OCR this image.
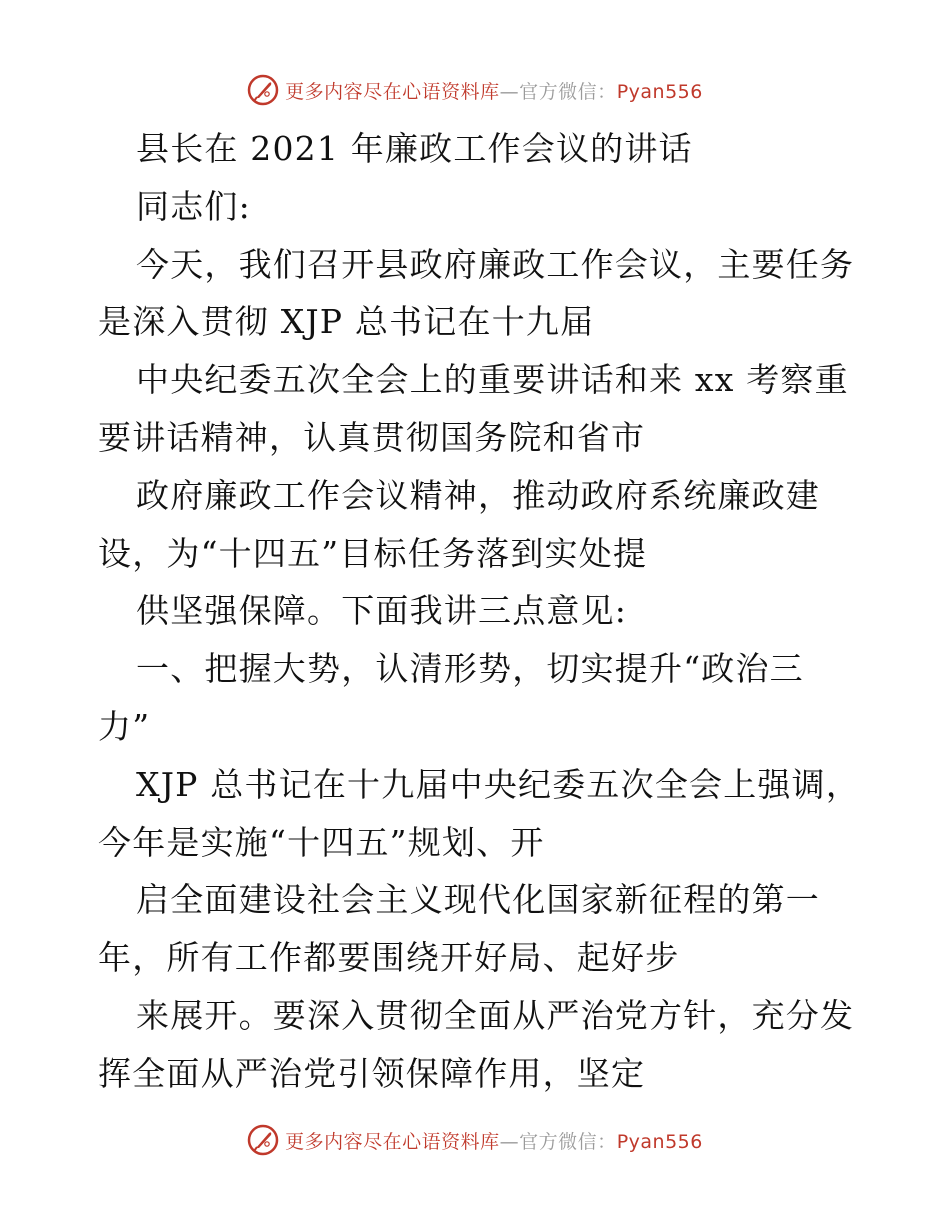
更多内容尽在心语资料库—官方微信：Pyan556
县长在 2021 年廉政工作会议的讲话
同志们:
今天，我们召开县政府廉政工作会议，主要任务
是深入贯彻 XJP 总书记在十九届
中央纪委五次全会上的重要讲话和来 xx 考察重
要讲话精神，认真贯彻国务院和省市
政府廉政工作会议精神，推动政府系统廉政建
设，为“十四五”目标任务落到实处提
供坚强保障。下面我讲三点意见:
一、把握大势，认清形势，切实提升“政治三
力”
XJP 总书记在十九届中央纪委五次全会上强调，
今年是实施“十四五”规划、开
启全面建设社会主义现代化国家新征程的第一
年，所有工作都要围绕开好局、起好步
来展开。要深入贯彻全面从严治党方针，充分发
挥全面从严治党引领保障作用，坚定
更多内容尽在心语资料库—官方微信：Pyan556
